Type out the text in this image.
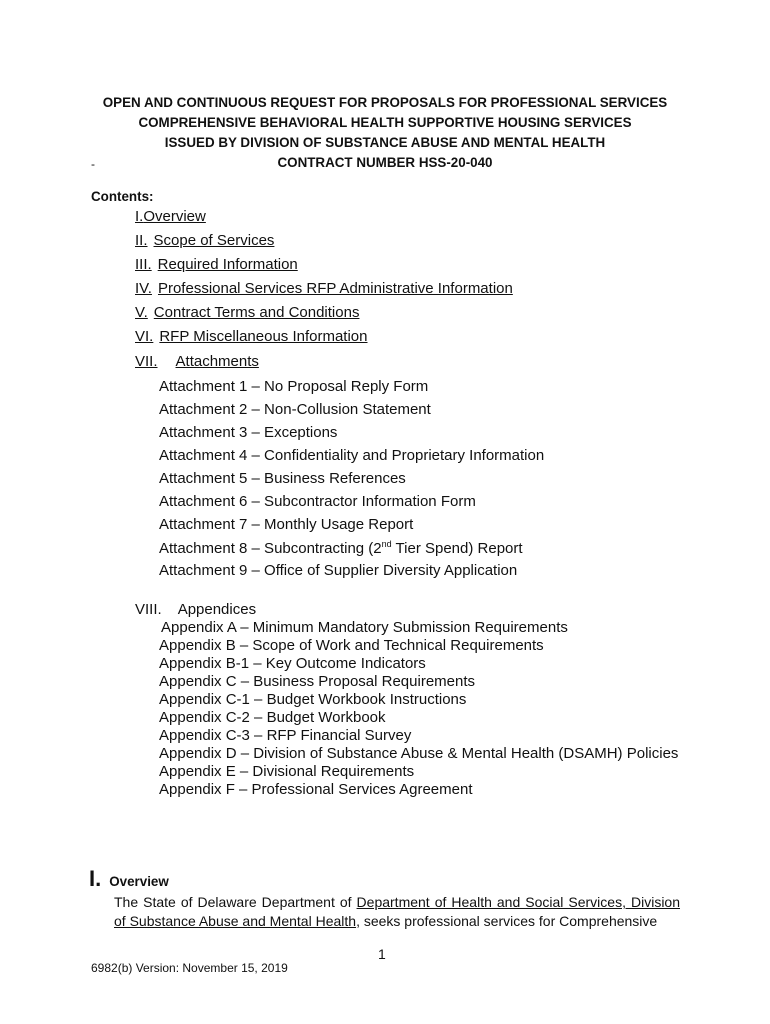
OPEN AND CONTINUOUS REQUEST FOR PROPOSALS FOR PROFESSIONAL SERVICES
COMPREHENSIVE BEHAVIORAL HEALTH SUPPORTIVE HOUSING SERVICES
ISSUED BY DIVISION OF SUBSTANCE ABUSE AND MENTAL HEALTH
CONTRACT NUMBER HSS-20-040
-
Contents:
I.Overview
II. Scope of Services
III. Required Information
IV. Professional Services RFP Administrative Information
V. Contract Terms and Conditions
VI. RFP Miscellaneous Information
VII. Attachments
Attachment 1 – No Proposal Reply Form
Attachment 2 – Non-Collusion Statement
Attachment 3 – Exceptions
Attachment 4 – Confidentiality and Proprietary Information
Attachment 5 – Business References
Attachment 6 – Subcontractor Information Form
Attachment 7 – Monthly Usage Report
Attachment 8 – Subcontracting (2nd Tier Spend) Report
Attachment 9 – Office of Supplier Diversity Application
VIII. Appendices
Appendix A – Minimum Mandatory Submission Requirements
Appendix B – Scope of Work and Technical Requirements
Appendix B-1 – Key Outcome Indicators
Appendix C – Business Proposal Requirements
Appendix C-1 – Budget Workbook Instructions
Appendix C-2 – Budget Workbook
Appendix C-3 – RFP Financial Survey
Appendix D – Division of Substance Abuse & Mental Health (DSAMH) Policies
Appendix E – Divisional Requirements
Appendix F – Professional Services Agreement
I. Overview
The State of Delaware Department of Department of Health and Social Services, Division of Substance Abuse and Mental Health, seeks professional services for Comprehensive
1
6982(b) Version: November 15, 2019
